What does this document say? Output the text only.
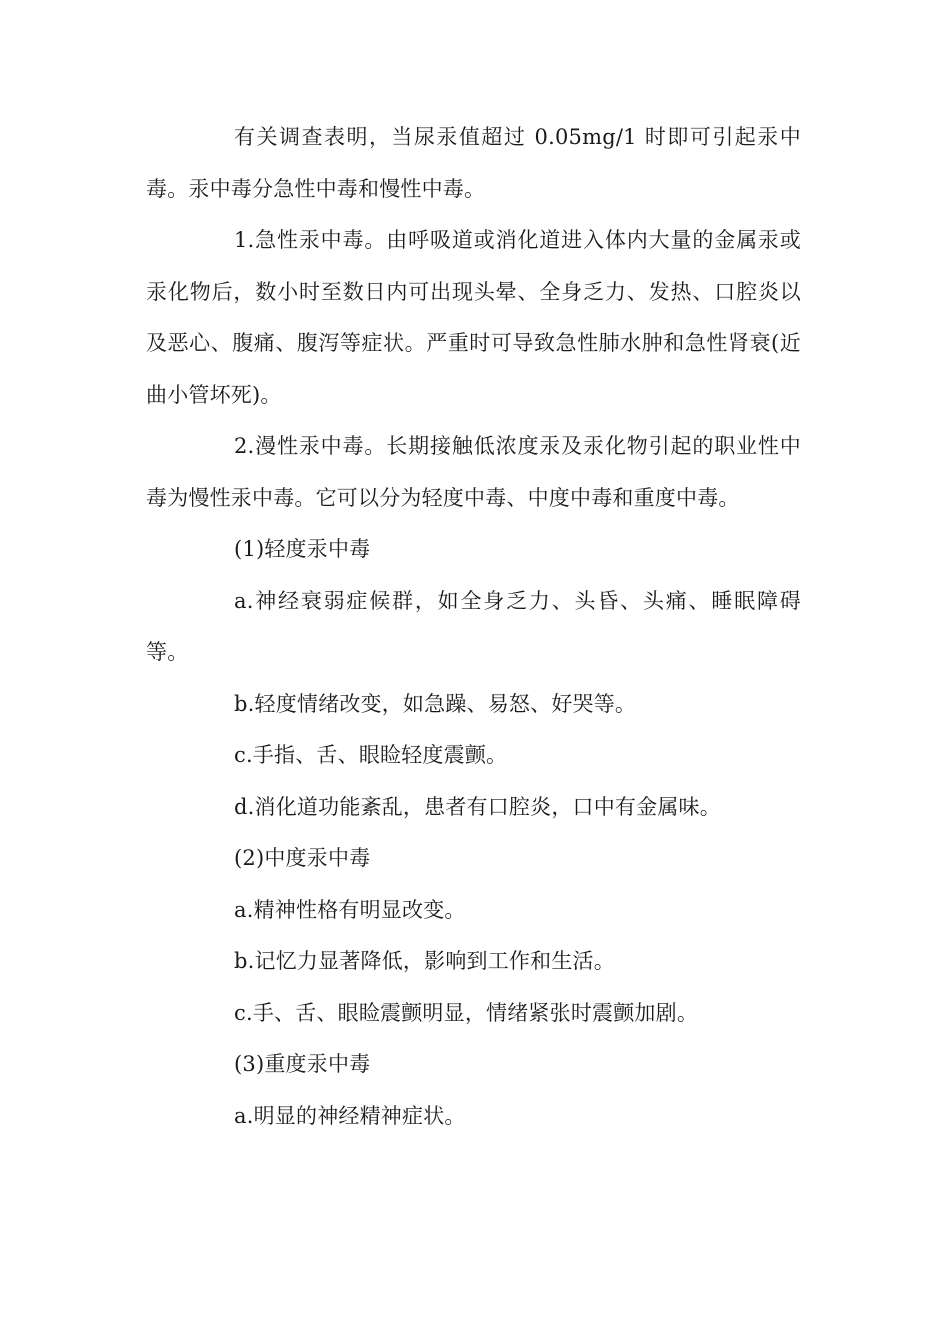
有关调查表明，当尿汞值超过 0.05mg/1 时即可引起汞中毒。汞中毒分急性中毒和慢性中毒。

1.急性汞中毒。由呼吸道或消化道进入体内大量的金属汞或汞化物后，数小时至数日内可出现头晕、全身乏力、发热、口腔炎以及恶心、腹痛、腹泻等症状。严重时可导致急性肺水肿和急性肾衰(近曲小管坏死)。

2.漫性汞中毒。长期接触低浓度汞及汞化物引起的职业性中毒为慢性汞中毒。它可以分为轻度中毒、中度中毒和重度中毒。

(1)轻度汞中毒

a.神经衰弱症候群，如全身乏力、头昏、头痛、睡眠障碍等。

b.轻度情绪改变，如急躁、易怒、好哭等。

c.手指、舌、眼睑轻度震颤。

d.消化道功能紊乱，患者有口腔炎，口中有金属味。

(2)中度汞中毒

a.精神性格有明显改变。

b.记忆力显著降低，影响到工作和生活。

c.手、舌、眼睑震颤明显，情绪紧张时震颤加剧。

(3)重度汞中毒

a.明显的神经精神症状。
